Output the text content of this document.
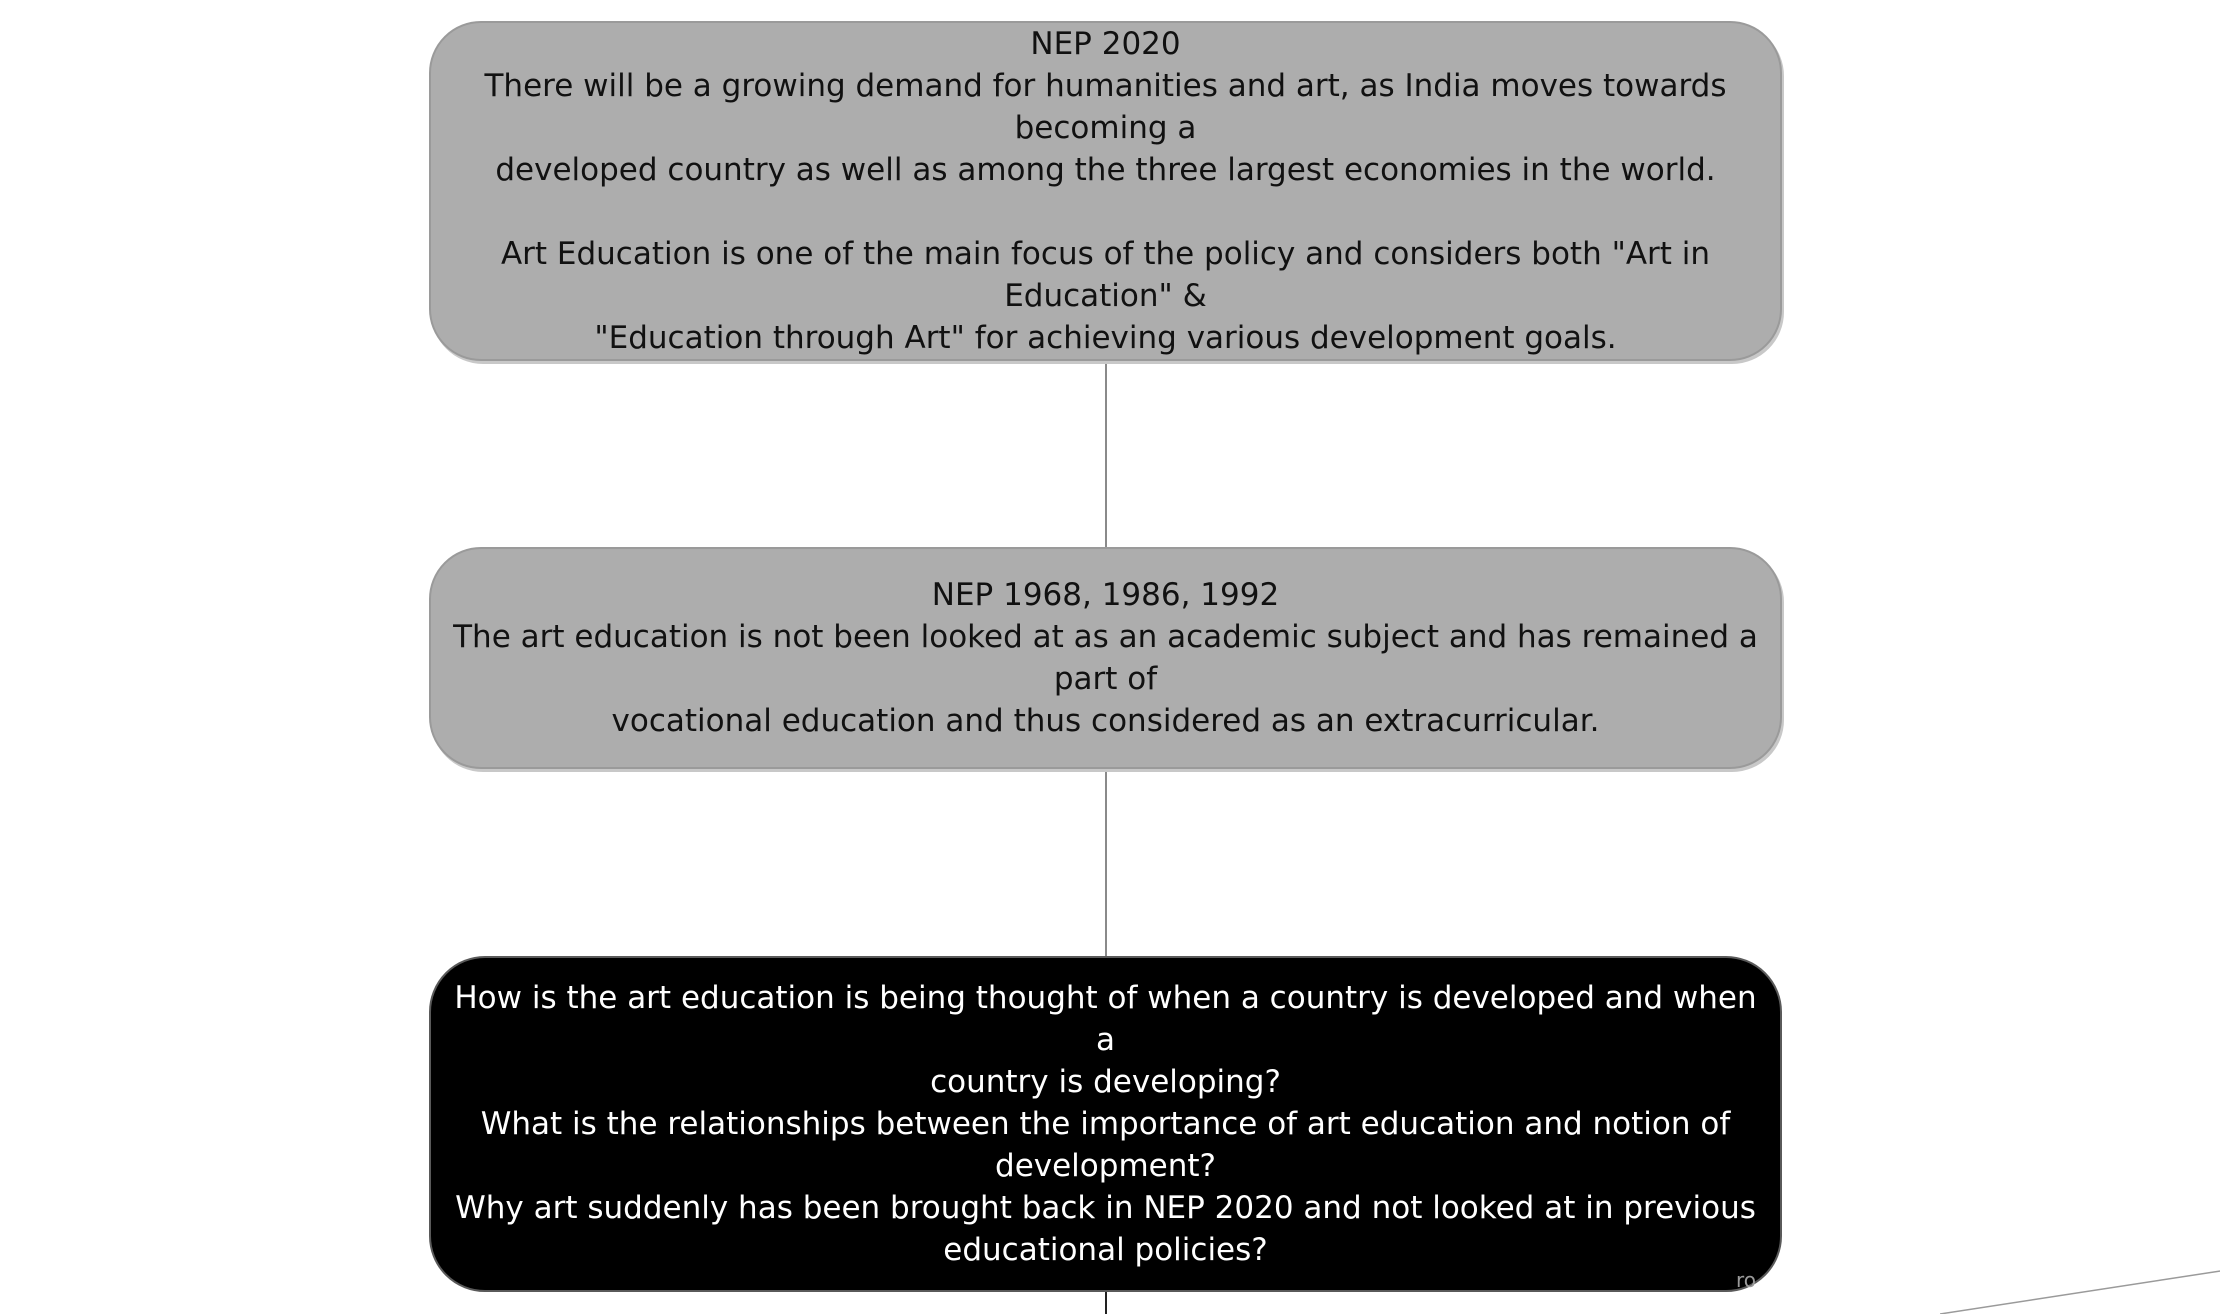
NEP 2020
There will be a growing demand for humanities and art, as India moves towards becoming a
developed country as well as among the three largest economies in the world.
Art Education is one of the main focus of the policy and considers both "Art in Education" &
"Education through Art" for achieving various development goals.
NEP 1968, 1986, 1992
The art education is not been looked at as an academic subject and has remained a part of
vocational education and thus considered as an extracurricular.
How is the art education is being thought of when a country is developed and when a
country is developing?
What is the relationships between the importance of art education and notion of
development?
Why art suddenly has been brought back in NEP 2020 and not looked at in previous
educational policies?
ro
